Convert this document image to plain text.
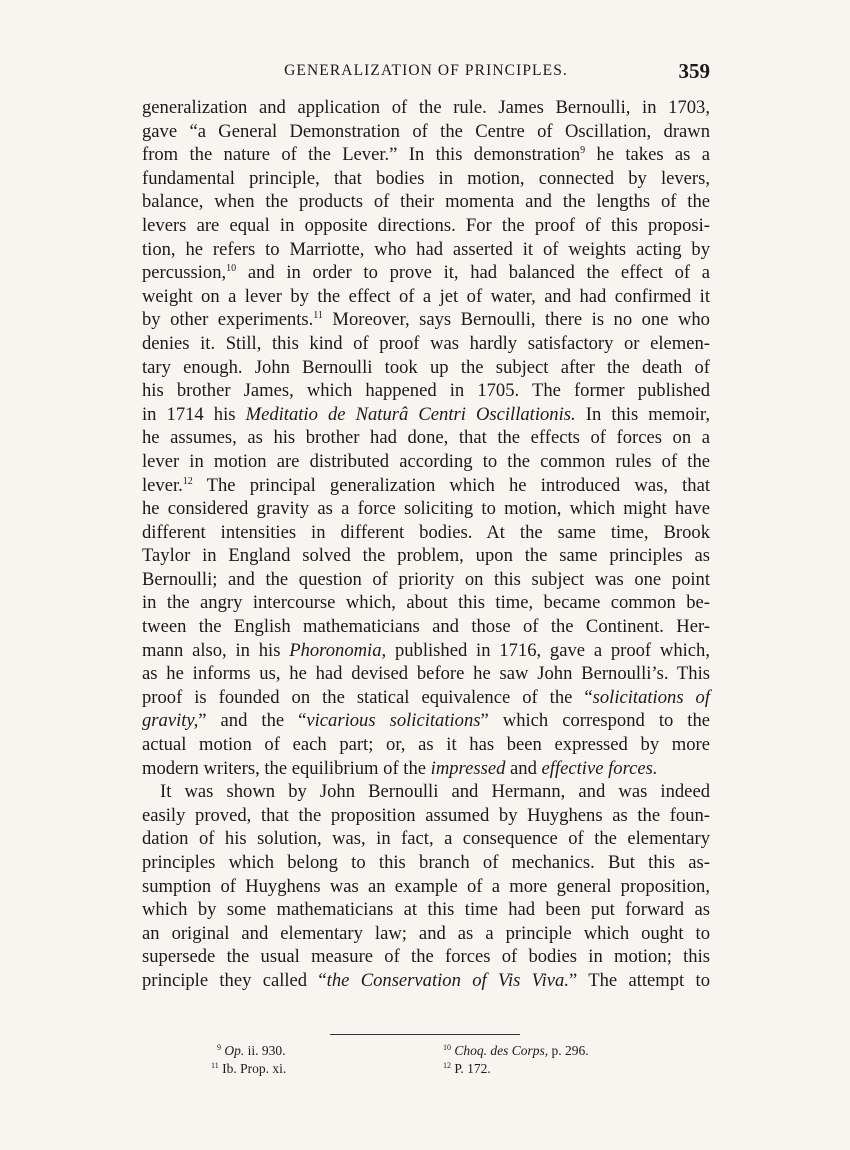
GENERALIZATION OF PRINCIPLES.	359
generalization and application of the rule. James Bernoulli, in 1703,
gave “a General Demonstration of the Centre of Oscillation, drawn
from the nature of the Lever.” In this demonstration$^9$ he takes as a
fundamental principle, that bodies in motion, connected by levers,
balance, when the products of their momenta and the lengths of the
levers are equal in opposite directions. For the proof of this proposi-
tion, he refers to Marriotte, who had asserted it of weights acting by
percussion,$^{10}$ and in order to prove it, had balanced the effect of a
weight on a lever by the effect of a jet of water, and had confirmed it
by other experiments.$^{11}$ Moreover, says Bernoulli, there is no one who
denies it. Still, this kind of proof was hardly satisfactory or elemen-
tary enough. John Bernoulli took up the subject after the death of
his brother James, which happened in 1705. The former published
in 1714 his Meditatio de Naturâ Centri Oscillationis. In this memoir,
he assumes, as his brother had done, that the effects of forces on a
lever in motion are distributed according to the common rules of the
lever.$^{12}$ The principal generalization which he introduced was, that
he considered gravity as a force soliciting to motion, which might have
different intensities in different bodies. At the same time, Brook
Taylor in England solved the problem, upon the same principles as
Bernoulli; and the question of priority on this subject was one point
in the angry intercourse which, about this time, became common be-
tween the English mathematicians and those of the Continent. Her-
mann also, in his Phoronomia, published in 1716, gave a proof which,
as he informs us, he had devised before he saw John Bernoulli’s. This
proof is founded on the statical equivalence of the “solicitations of
gravity,” and the “vicarious solicitations” which correspond to the
actual motion of each part; or, as it has been expressed by more
modern writers, the equilibrium of the impressed and effective forces.
It was shown by John Bernoulli and Hermann, and was indeed
easily proved, that the proposition assumed by Huyghens as the foun-
dation of his solution, was, in fact, a consequence of the elementary
principles which belong to this branch of mechanics. But this as-
sumption of Huyghens was an example of a more general proposition,
which by some mathematicians at this time had been put forward as
an original and elementary law; and as a principle which ought to
supersede the usual measure of the forces of bodies in motion; this
principle they called “the Conservation of Vis Viva.” The attempt to
$^9$ Op. ii. 930.	$^{10}$ Choq. des Corps, p. 296.
$^{11}$ Ib. Prop. xi.	$^{12}$ P. 172.
